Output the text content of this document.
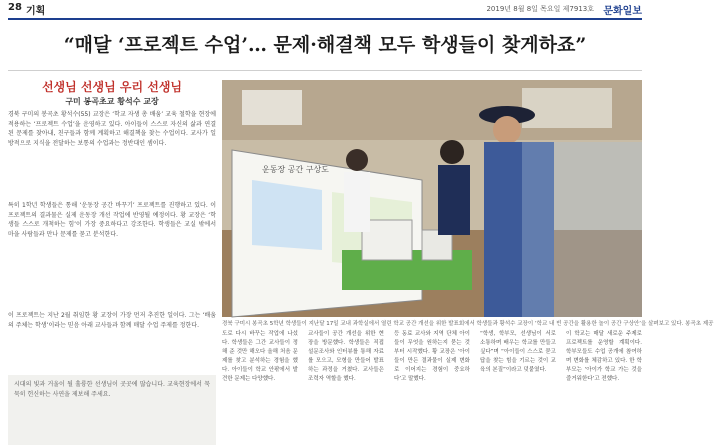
28 기획	2019년 8월 8일 목요일 제7913호 문화일보
“매달 ‘프로젝트 수업’… 문제·해결책 모두 학생들이 찾게하죠”
선생님 선생님 우리 선생님
구미 봉곡초교 황석수 교장
경북 구미의 봉곡초 황석수(55) 교장은 ‘학교 자생 총 배움’ 교육 철학을 현장에 적용하는 ‘프로젝트 수업’을 운영하고 있다. 아이들이 스스로 자신의 삶과 연결된 문제를 찾아내, 친구들과 함께 계획하고 해결책을 찾는 수업이다. 교사가 일방적으로 지식을 전달하는 보통의 수업과는 정반대인 셈이다.
특히 1학년 학생들은 통해 ‘운동장 공간 바꾸기’ 프로젝트를 진행하고 있다. 이 프로젝트의 결과물은 실제 운동장 개선 작업에 반영될 예정이다. 황 교장은 ‘학생들 스스로 개척하는 힘’이 가장 중요하다고 강조한다. 학생들은 교실 밖에서 마을 사람들과 만나 문제를 묻고 분석한다.
이 프로젝트는 지난 2월 취임한 황 교장이 가장 먼저 추진한 일이다. 그는 ‘배움의 주체는 학생’이라는 믿음 아래 교사들과 함께 매달 수업 주제를 정한다.
시대의 빛과 거울이 될 훌륭한 선생님이 곳곳에 많습니다. 교육현장에서 묵묵히 헌신하는 사연을 제보해 주세요.
운동장 공간 구상도
경북 구미시 봉곡초 5학년 학생들이 지난달 17일 교내 과학실에서 열린 학교 공간 개선을 위한 발표회에서 학생들과 황석수 교장이 ‘학교 내 빈 공간을 활용한 놀이 공간 구상안’을 살펴보고 있다. 봉곡초 제공
도로 다시 바꾸는 작업에 나섰다. 학생들은 그간 교사들이 정해 준 것만 해오다 올해 처음 문제를 찾고 분석하는 경험을 했다. 아이들이 학교 안팎에서 발견한 문제는 다양했다.
교사들이 공간 개선을 위한 현장을 방문했다. 학생들은 직접 설문조사와 인터뷰를 통해 자료를 모으고, 모형을 만들어 발표하는 과정을 거쳤다. 교사들은 조력자 역할을 했다.
등 동료 교사와 지역 단체 아이들이 무엇을 원하는지 묻는 것부터 시작했다. 황 교장은 ‘아이들이 만든 결과물이 실제 변화로 이어지는 경험이 중요하다’고 말했다.
“학생, 학부모, 선생님이 서로 소통하며 배우는 학교를 만들고 싶다”며 “아이들이 스스로 묻고 답을 찾는 힘을 기르는 것이 교육의 본질”이라고 덧붙였다.
이 학교는 매달 새로운 주제로 프로젝트를 운영할 계획이다. 학부모들도 수업 공개에 참여하며 변화를 체감하고 있다. 한 학부모는 ‘아이가 학교 가는 것을 즐거워한다’고 전했다.
